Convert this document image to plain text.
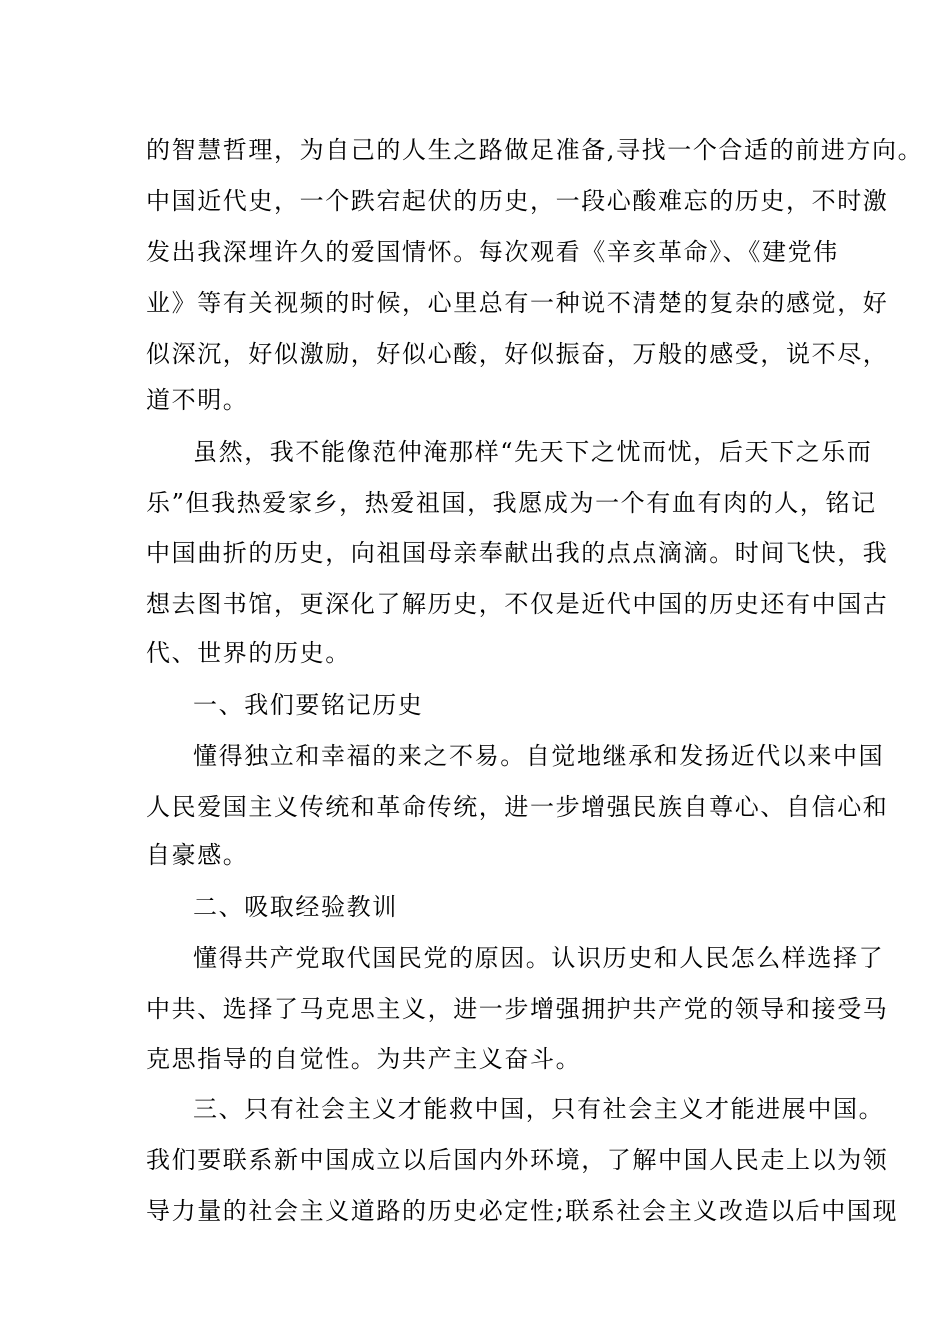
的智慧哲理，为自己的人生之路做足准备,寻找一个合适的前进方向。
中国近代史，一个跌宕起伏的历史，一段心酸难忘的历史，不时激
发出我深埋许久的爱国情怀。每次观看《辛亥革命》、《建党伟
业》等有关视频的时候，心里总有一种说不清楚的复杂的感觉，好
似深沉，好似激励，好似心酸，好似振奋，万般的感受，说不尽，
道不明。
虽然，我不能像范仲淹那样“先天下之忧而忧，后天下之乐而
乐”但我热爱家乡，热爱祖国，我愿成为一个有血有肉的人，铭记
中国曲折的历史，向祖国母亲奉献出我的点点滴滴。时间飞快，我
想去图书馆，更深化了解历史，不仅是近代中国的历史还有中国古
代、世界的历史。
一、我们要铭记历史
懂得独立和幸福的来之不易。自觉地继承和发扬近代以来中国
人民爱国主义传统和革命传统，进一步增强民族自尊心、自信心和
自豪感。
二、吸取经验教训
懂得共产党取代国民党的原因。认识历史和人民怎么样选择了
中共、选择了马克思主义，进一步增强拥护共产党的领导和接受马
克思指导的自觉性。为共产主义奋斗。
三、只有社会主义才能救中国，只有社会主义才能进展中国。
我们要联系新中国成立以后国内外环境，了解中国人民走上以为领
导力量的社会主义道路的历史必定性;联系社会主义改造以后中国现
